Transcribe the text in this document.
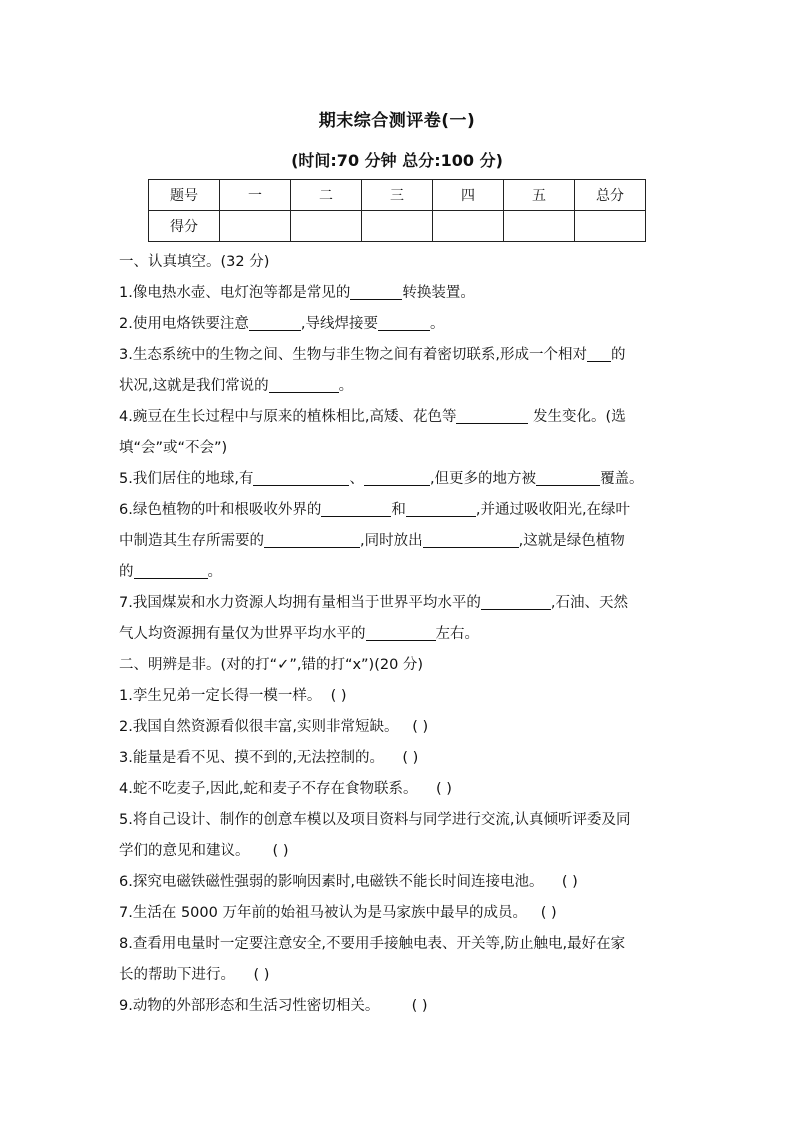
期末综合测评卷(一)
(时间:70 分钟 总分:100 分)
题号	一	二	三	四	五	总分
得分						
一、认真填空。(32 分)
1.像电热水壶、电灯泡等都是常见的	转换装置。
2.使用电烙铁要注意	,导线焊接要	。
3.生态系统中的生物之间、生物与非生物之间有着密切联系,形成一个相对 的
状况,这就是我们常说的	。
4.豌豆在生长过程中与原来的植株相比,高矮、花色等	发生变化。(选
填“会”或“不会”)
5.我们居住的地球,有	、	,但更多的地方被	覆盖。
6.绿色植物的叶和根吸收外界的	和	,并通过吸收阳光,在绿叶
中制造其生存所需要的	,同时放出	,这就是绿色植物
的	。
7.我国煤炭和水力资源人均拥有量相当于世界平均水平的	,石油、天然
气人均资源拥有量仅为世界平均水平的	左右。
二、明辨是非。(对的打“✓”,错的打“x”)(20 分)
1.孪生兄弟一定长得一模一样。 ( )
2.我国自然资源看似很丰富,实则非常短缺。 ( )
3.能量是看不见、摸不到的,无法控制的。 ( )
4.蛇不吃麦子,因此,蛇和麦子不存在食物联系。 ( )
5.将自己设计、制作的创意车模以及项目资料与同学进行交流,认真倾听评委及同
学们的意见和建议。 ( )
6.探究电磁铁磁性强弱的影响因素时,电磁铁不能长时间连接电池。 ( )
7.生活在 5000 万年前的始祖马被认为是马家族中最早的成员。 ( )
8.查看用电量时一定要注意安全,不要用手接触电表、开关等,防止触电,最好在家
长的帮助下进行。 ( )
9.动物的外部形态和生活习性密切相关。 ( )
